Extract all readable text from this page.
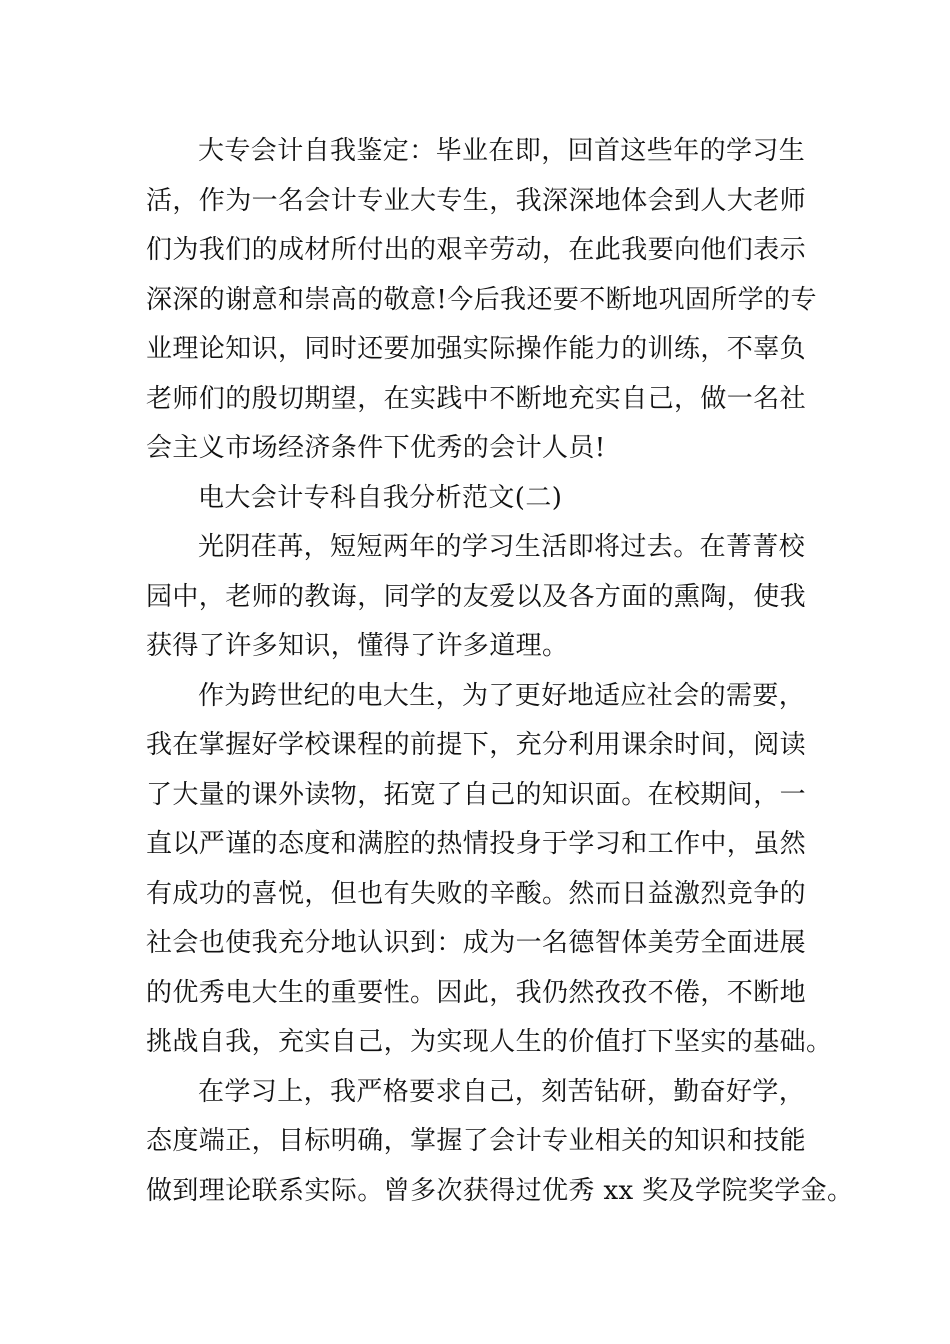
大专会计自我鉴定：毕业在即，回首这些年的学习生
活，作为一名会计专业大专生，我深深地体会到人大老师
们为我们的成材所付出的艰辛劳动，在此我要向他们表示
深深的谢意和崇高的敬意!今后我还要不断地巩固所学的专
业理论知识，同时还要加强实际操作能力的训练，不辜负
老师们的殷切期望，在实践中不断地充实自己，做一名社
会主义市场经济条件下优秀的会计人员!
电大会计专科自我分析范文(二)
光阴荏苒，短短两年的学习生活即将过去。在菁菁校
园中，老师的教诲，同学的友爱以及各方面的熏陶，使我
获得了许多知识，懂得了许多道理。
作为跨世纪的电大生，为了更好地适应社会的需要，
我在掌握好学校课程的前提下，充分利用课余时间，阅读
了大量的课外读物，拓宽了自己的知识面。在校期间，一
直以严谨的态度和满腔的热情投身于学习和工作中，虽然
有成功的喜悦，但也有失败的辛酸。然而日益激烈竞争的
社会也使我充分地认识到：成为一名德智体美劳全面进展
的优秀电大生的重要性。因此，我仍然孜孜不倦，不断地
挑战自我，充实自己，为实现人生的价值打下坚实的基础。
在学习上，我严格要求自己，刻苦钻研，勤奋好学，
态度端正，目标明确，掌握了会计专业相关的知识和技能
做到理论联系实际。曾多次获得过优秀 xx 奖及学院奖学金。
